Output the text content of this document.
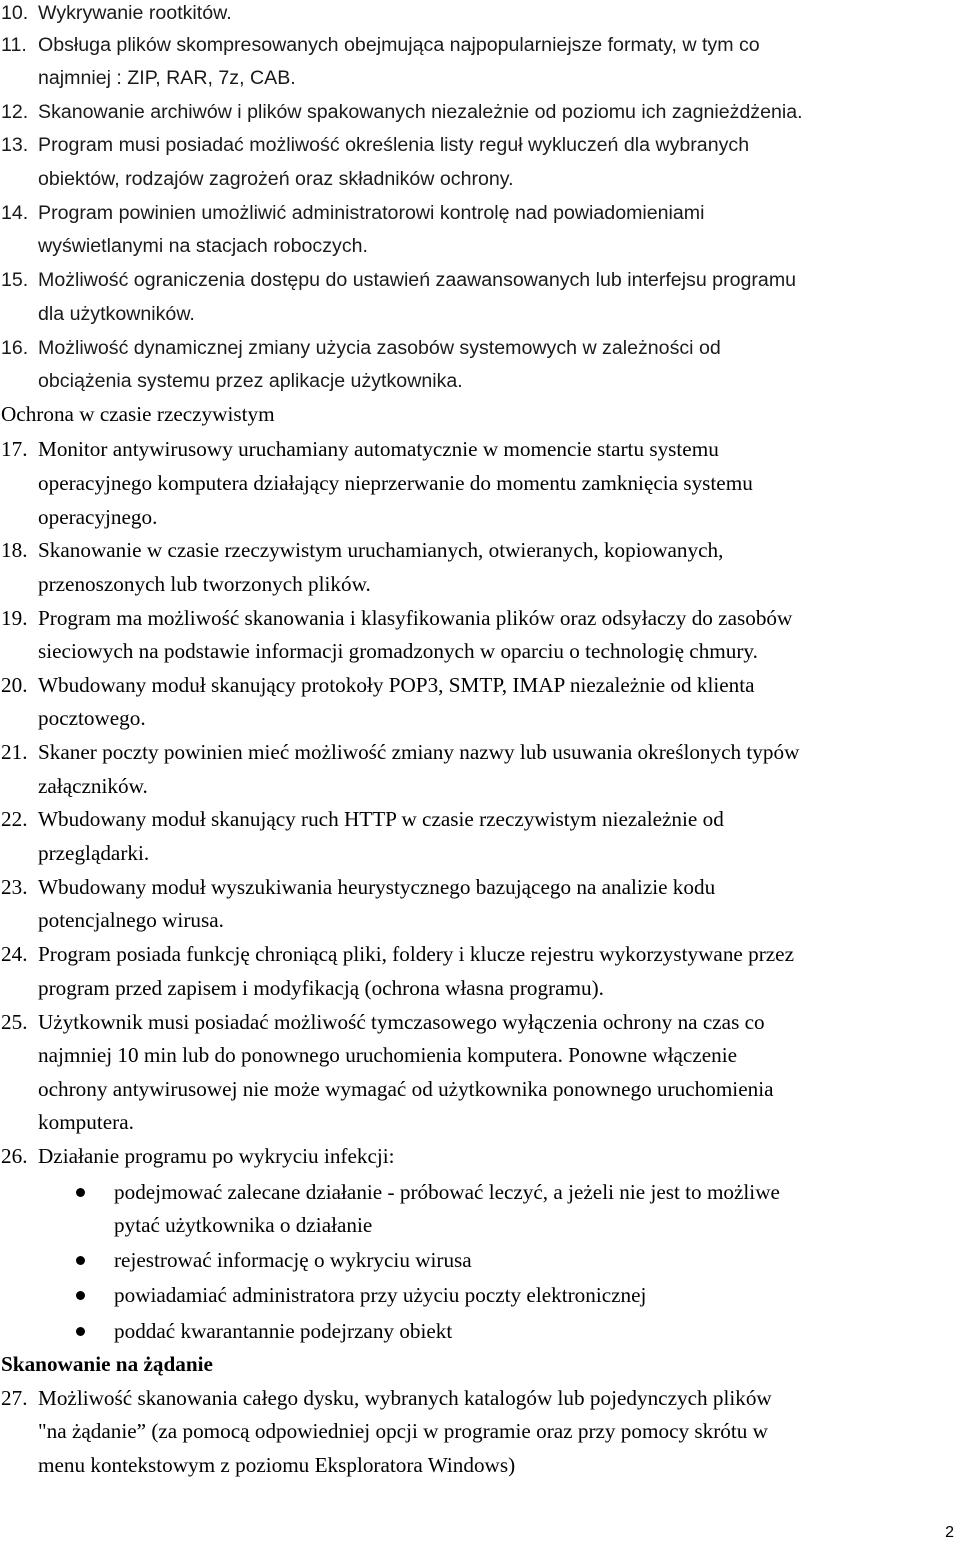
10. Wykrywanie rootkitów.
11. Obsługa plików skompresowanych obejmująca najpopularniejsze formaty, w tym co
najmniej : ZIP, RAR, 7z, CAB.
12. Skanowanie archiwów i plików spakowanych niezależnie od poziomu ich zagnieżdżenia.
13. Program musi posiadać możliwość określenia listy reguł wykluczeń dla wybranych
obiektów, rodzajów zagrożeń oraz składników ochrony.
14. Program powinien umożliwić administratorowi kontrolę nad powiadomieniami
wyświetlanymi na stacjach roboczych.
15. Możliwość ograniczenia dostępu do ustawień zaawansowanych lub interfejsu programu
dla użytkowników.
16. Możliwość dynamicznej zmiany użycia zasobów systemowych w zależności od
obciążenia systemu przez aplikacje użytkownika.
Ochrona w czasie rzeczywistym
17. Monitor antywirusowy uruchamiany automatycznie w momencie startu systemu
operacyjnego komputera działający nieprzerwanie do momentu zamknięcia systemu
operacyjnego.
18. Skanowanie w czasie rzeczywistym uruchamianych, otwieranych, kopiowanych,
przenoszonych lub tworzonych plików.
19. Program ma możliwość skanowania i klasyfikowania plików oraz odsyłaczy do zasobów
sieciowych na podstawie informacji gromadzonych w oparciu o technologię chmury.
20. Wbudowany moduł skanujący protokoły POP3, SMTP, IMAP niezależnie od klienta
pocztowego.
21. Skaner poczty powinien mieć możliwość zmiany nazwy lub usuwania określonych typów
załączników.
22. Wbudowany moduł skanujący ruch HTTP w czasie rzeczywistym niezależnie od
przeglądarki.
23. Wbudowany moduł wyszukiwania heurystycznego bazującego na analizie kodu
potencjalnego wirusa.
24. Program posiada funkcję chroniącą pliki, foldery i klucze rejestru wykorzystywane przez
program przed zapisem i modyfikacją (ochrona własna programu).
25. Użytkownik musi posiadać możliwość tymczasowego wyłączenia ochrony na czas co
najmniej 10 min lub do ponownego uruchomienia komputera. Ponowne włączenie
ochrony antywirusowej nie może wymagać od użytkownika ponownego uruchomienia
komputera.
26. Działanie programu po wykryciu infekcji:
podejmować zalecane działanie - próbować leczyć, a jeżeli nie jest to możliwe
pytać użytkownika o działanie
rejestrować informację o wykryciu wirusa
powiadamiać administratora przy użyciu poczty elektronicznej
poddać kwarantannie podejrzany obiekt
Skanowanie na żądanie
27. Możliwość skanowania całego dysku, wybranych katalogów lub pojedynczych plików
"na żądanie” (za pomocą odpowiedniej opcji w programie oraz przy pomocy skrótu w
menu kontekstowym z poziomu Eksploratora Windows)
2
